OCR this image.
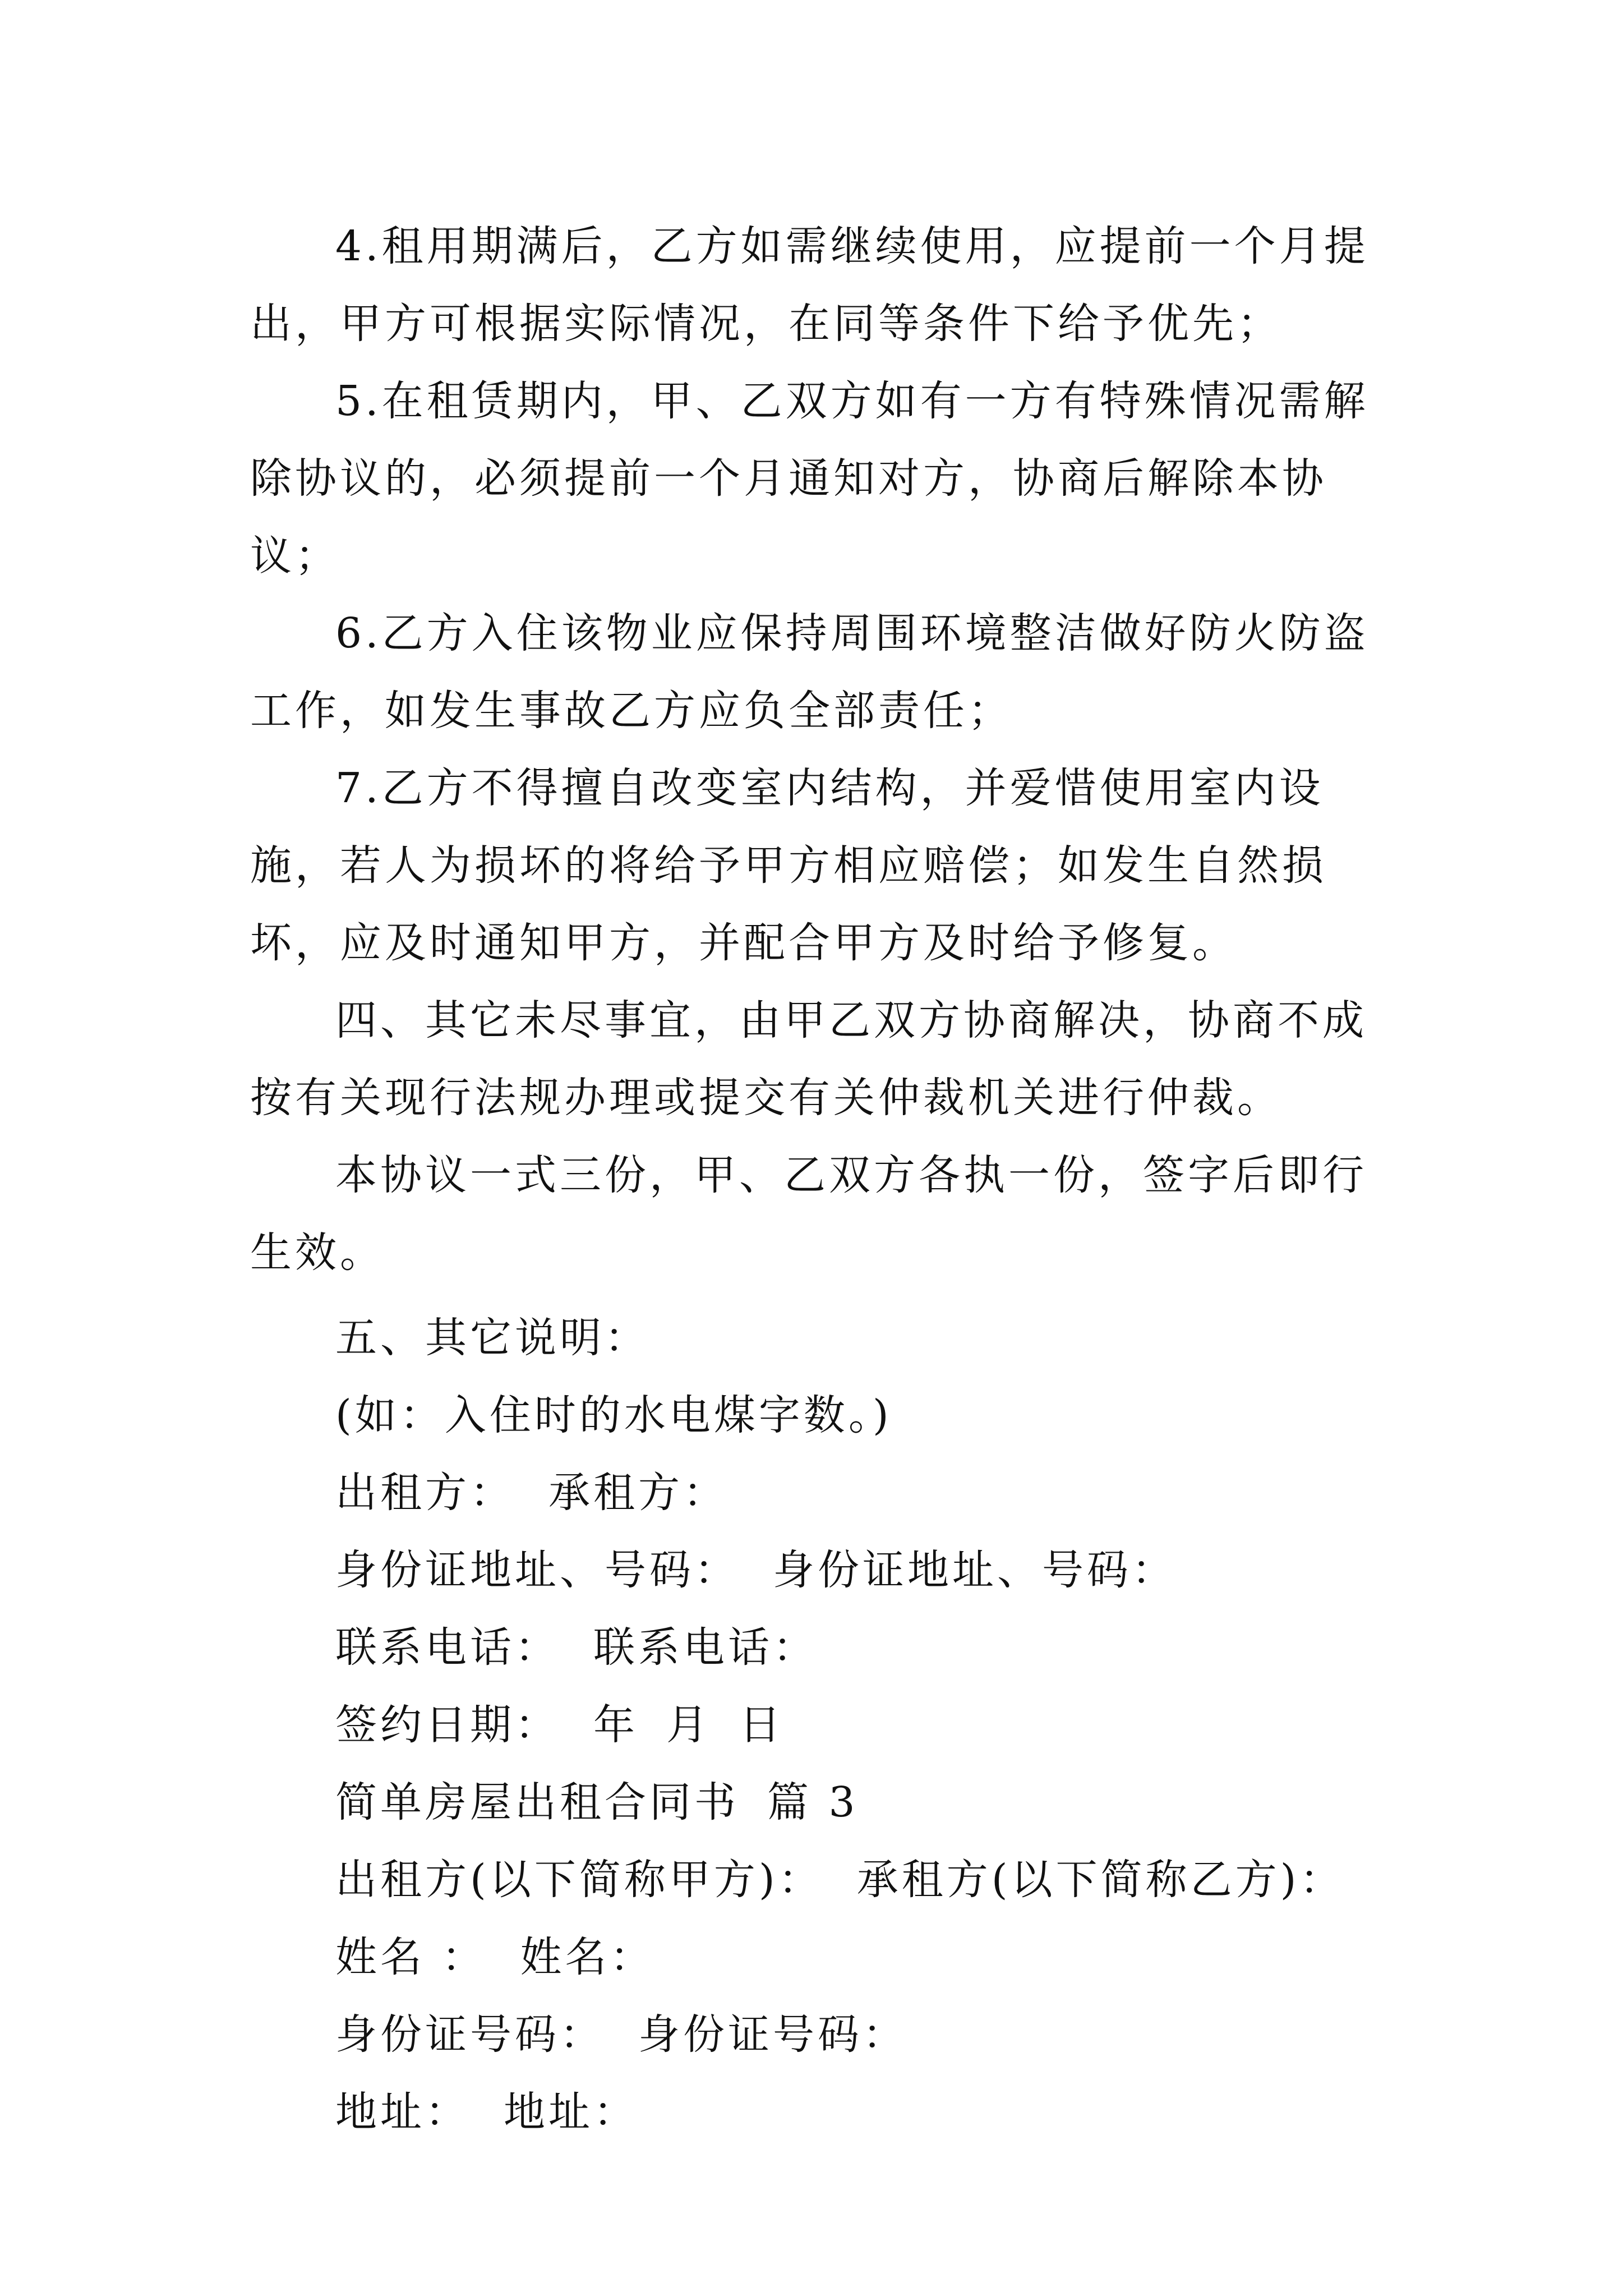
4.租用期满后，乙方如需继续使用，应提前一个月提出，甲方可根据实际情况，在同等条件下给予优先；

5.在租赁期内，甲、乙双方如有一方有特殊情况需解除协议的，必须提前一个月通知对方，协商后解除本协议；

6.乙方入住该物业应保持周围环境整洁做好防火防盗工作，如发生事故乙方应负全部责任；

7.乙方不得擅自改变室内结构，并爱惜使用室内设施，若人为损坏的将给予甲方相应赔偿；如发生自然损坏，应及时通知甲方，并配合甲方及时给予修复。

四、其它未尽事宜，由甲乙双方协商解决，协商不成按有关现行法规办理或提交有关仲裁机关进行仲裁。

本协议一式三份，甲、乙双方各执一份，签字后即行生效。

五、其它说明：

(如：入住时的水电煤字数。)

出租方： 承租方：

身份证地址、号码： 身份证地址、号码：

联系电话： 联系电话：

签约日期： 年 月 日

简单房屋出租合同书 篇 3

出租方(以下简称甲方)： 承租方(以下简称乙方)：

姓名 ： 姓名：

身份证号码： 身份证号码：

地址： 地址：
